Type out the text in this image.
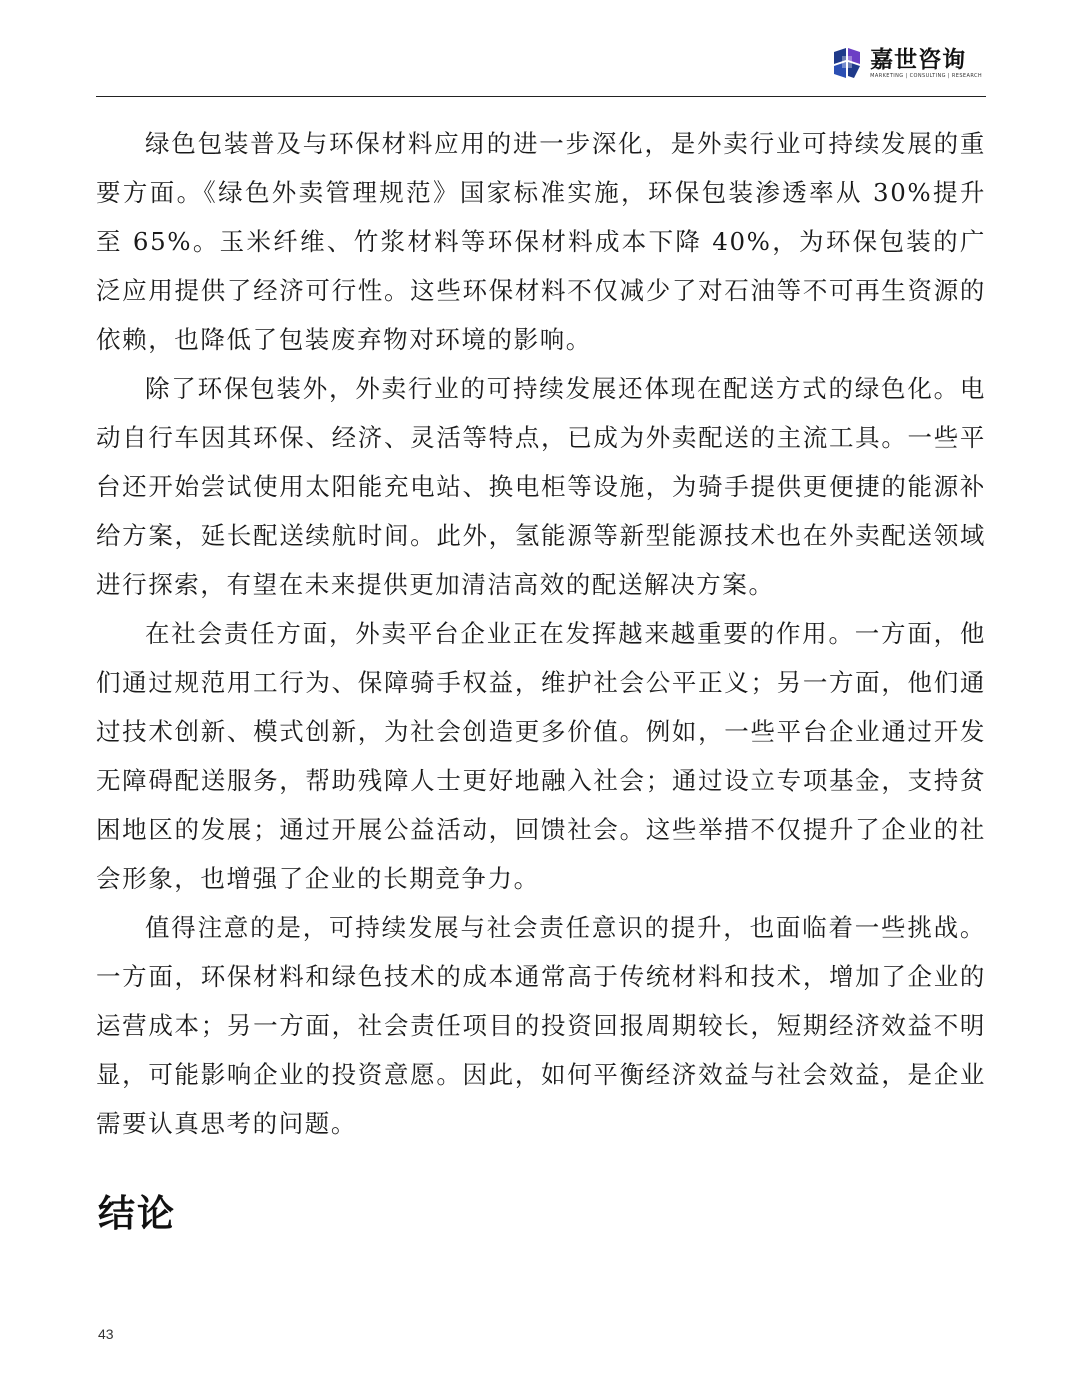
嘉世咨询
MARKETING | CONSULTING | RESEARCH

绿色包装普及与环保材料应用的进一步深化，是外卖行业可持续发展的重要方面。《绿色外卖管理规范》国家标准实施，环保包装渗透率从 30%提升至 65%。玉米纤维、竹浆材料等环保材料成本下降 40%，为环保包装的广泛应用提供了经济可行性。这些环保材料不仅减少了对石油等不可再生资源的依赖，也降低了包装废弃物对环境的影响。

除了环保包装外，外卖行业的可持续发展还体现在配送方式的绿色化。电动自行车因其环保、经济、灵活等特点，已成为外卖配送的主流工具。一些平台还开始尝试使用太阳能充电站、换电柜等设施，为骑手提供更便捷的能源补给方案，延长配送续航时间。此外，氢能源等新型能源技术也在外卖配送领域进行探索，有望在未来提供更加清洁高效的配送解决方案。

在社会责任方面，外卖平台企业正在发挥越来越重要的作用。一方面，他们通过规范用工行为、保障骑手权益，维护社会公平正义；另一方面，他们通过技术创新、模式创新，为社会创造更多价值。例如，一些平台企业通过开发无障碍配送服务，帮助残障人士更好地融入社会；通过设立专项基金，支持贫困地区的发展；通过开展公益活动，回馈社会。这些举措不仅提升了企业的社会形象，也增强了企业的长期竞争力。

值得注意的是，可持续发展与社会责任意识的提升，也面临着一些挑战。一方面，环保材料和绿色技术的成本通常高于传统材料和技术，增加了企业的运营成本；另一方面，社会责任项目的投资回报周期较长，短期经济效益不明显，可能影响企业的投资意愿。因此，如何平衡经济效益与社会效益，是企业需要认真思考的问题。

结论
43
